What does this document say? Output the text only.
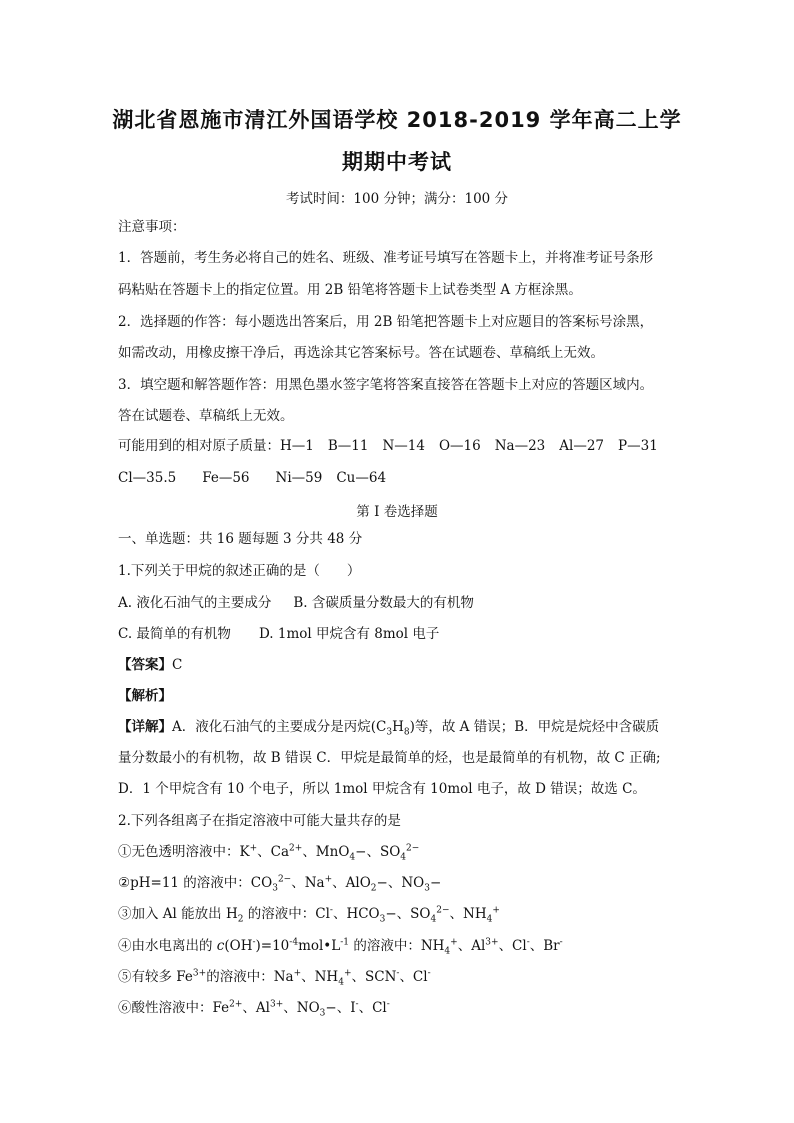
湖北省恩施市清江外国语学校 2018-2019 学年高二上学
期期中考试
考试时间：100 分钟；满分：100 分
注意事项：
1．答题前，考生务必将自己的姓名、班级、准考证号填写在答题卡上，并将准考证号条形
码粘贴在答题卡上的指定位置。用 2B 铅笔将答题卡上试卷类型 A 方框涂黑。
2．选择题的作答：每小题选出答案后，用 2B 铅笔把答题卡上对应题目的答案标号涂黑，
如需改动，用橡皮擦干净后，再选涂其它答案标号。答在试题卷、草稿纸上无效。
3．填空题和解答题作答：用黑色墨水签字笔将答案直接答在答题卡上对应的答题区域内。
答在试题卷、草稿纸上无效。
可能用到的相对原子质量：H—1 B—11 N—14 O—16 Na—23 Al—27 P—31
Cl—35.5 Fe—56 Ni—59 Cu—64
第 I 卷选择题
一、单选题：共 16 题每题 3 分共 48 分
1.下列关于甲烷的叙述正确的是（　　）
A. 液化石油气的主要成分 B. 含碳质量分数最大的有机物
C. 最简单的有机物 D. 1mol 甲烷含有 8mol 电子
【答案】C
【解析】
【详解】A．液化石油气的主要成分是丙烷$(C_3H_8)$等，故 A 错误；B．甲烷是烷烃中含碳质
量分数最小的有机物，故 B 错误 C．甲烷是最简单的烃，也是最简单的有机物，故 C 正确;
D．1 个甲烷含有 10 个电子，所以 1mol 甲烷含有 10mol 电子，故 D 错误；故选 C。
2.下列各组离子在指定溶液中可能大量共存的是
①无色透明溶液中：K+、$Ca^{2+}$、MnO$_4$−、$SO_4^{2-}$
②pH=11 的溶液中：$CO_3^{2-}$、Na+、AlO$_2$−、$NO_3-$
③加入 Al 能放出 $H_2$ 的溶液中：Cl-、$HCO_3-$、$SO_4^{2-}$、$NH_4^+$
④由水电离出的 $c(OH^-)=10^{-4}mol•L^{-1}$ 的溶液中：$NH_4^+$、$Al^{3+}$、Cl-、Br-
⑤有较多 $Fe^{3+}$的溶液中：Na+、$NH_4^+$、SCN-、Cl-
⑥酸性溶液中：$Fe^{2+}$、$Al^{3+}$、$NO_3-$、I-、Cl-
